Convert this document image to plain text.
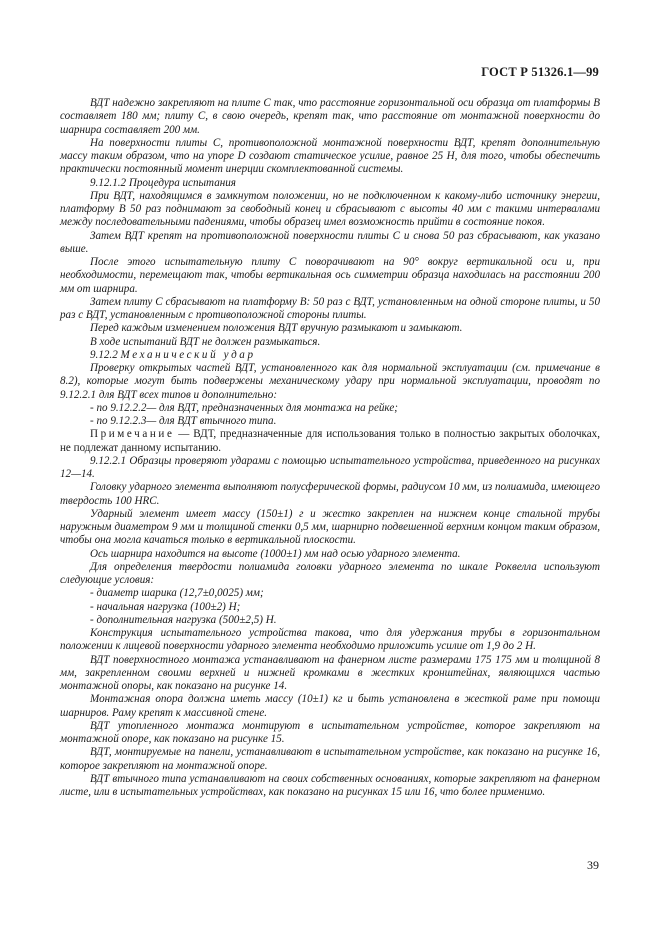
ГОСТ Р 51326.1—99

ВДТ надежно закрепляют на плите С так, что расстояние горизонтальной оси образца от платформы В составляет 180 мм; плиту С, в свою очередь, крепят так, что расстояние от монтажной поверхности до шарнира составляет 200 мм.

На поверхности плиты С, противоположной монтажной поверхности ВДТ, крепят дополнительную массу таким образом, что на упоре D создают статическое усилие, равное 25 Н, для того, чтобы обеспечить практически постоянный момент инерции скомплектованной системы.

9.12.1.2 Процедура испытания

При ВДТ, находящимся в замкнутом положении, но не подключенном к какому-либо источнику энергии, платформу В 50 раз поднимают за свободный конец и сбрасывают с высоты 40 мм с такими интервалами между последовательными падениями, чтобы образец имел возможность прийти в состояние покоя.

Затем ВДТ крепят на противоположной поверхности плиты С и снова 50 раз сбрасывают, как указано выше.

После этого испытательную плиту С поворачивают на 90° вокруг вертикальной оси и, при необходимости, перемещают так, чтобы вертикальная ось симметрии образца находилась на расстоянии 200 мм от шарнира.

Затем плиту С сбрасывают на платформу В: 50 раз с ВДТ, установленным на одной стороне плиты, и 50 раз с ВДТ, установленным с противоположной стороны плиты.

Перед каждым изменением положения ВДТ вручную размыкают и замыкают.

В ходе испытаний ВДТ не должен размыкаться.

9.12.2 Механический удар

Проверку открытых частей ВДТ, установленного как для нормальной эксплуатации (см. примечание в 8.2), которые могут быть подвержены механическому удару при нормальной эксплуатации, проводят по 9.12.2.1 для ВДТ всех типов и дополнительно:

- по 9.12.2.2— для ВДТ, предназначенных для монтажа на рейке;

- по 9.12.2.3— для ВДТ втычного типа.

Примечание — ВДТ, предназначенные для использования только в полностью закрытых оболочках, не подлежат данному испытанию.

9.12.2.1 Образцы проверяют ударами с помощью испытательного устройства, приведенного на рисунках 12—14.

Головку ударного элемента выполняют полусферической формы, радиусом 10 мм, из полиамида, имеющего твердость 100 HRC.

Ударный элемент имеет массу (150±1) г и жестко закреплен на нижнем конце стальной трубы наружным диаметром 9 мм и толщиной стенки 0,5 мм, шарнирно подвешенной верхним концом таким образом, чтобы она могла качаться только в вертикальной плоскости.

Ось шарнира находится на высоте (1000±1) мм над осью ударного элемента.

Для определения твердости полиамида головки ударного элемента по шкале Роквелла используют следующие условия:

- диаметр шарика (12,7±0,0025) мм;

- начальная нагрузка (100±2) Н;

- дополнительная нагрузка (500±2,5) Н.

Конструкция испытательного устройства такова, что для удержания трубы в горизонтальном положении к лицевой поверхности ударного элемента необходимо приложить усилие от 1,9 до 2 Н.

ВДТ поверхностного монтажа устанавливают на фанерном листе размерами 175 175 мм и толщиной 8 мм, закрепленном своими верхней и нижней кромками в жестких кронштейнах, являющихся частью монтажной опоры, как показано на рисунке 14.

Монтажная опора должна иметь массу (10±1) кг и быть установлена в жесткой раме при помощи шарниров. Раму крепят к массивной стене.

ВДТ утопленного монтажа монтируют в испытательном устройстве, которое закрепляют на монтажной опоре, как показано на рисунке 15.

ВДТ, монтируемые на панели, устанавливают в испытательном устройстве, как показано на рисунке 16, которое закрепляют на монтажной опоре.

ВДТ втычного типа устанавливают на своих собственных основаниях, которые закрепляют на фанерном листе, или в испытательных устройствах, как показано на рисунках 15 или 16, что более применимо.

39
